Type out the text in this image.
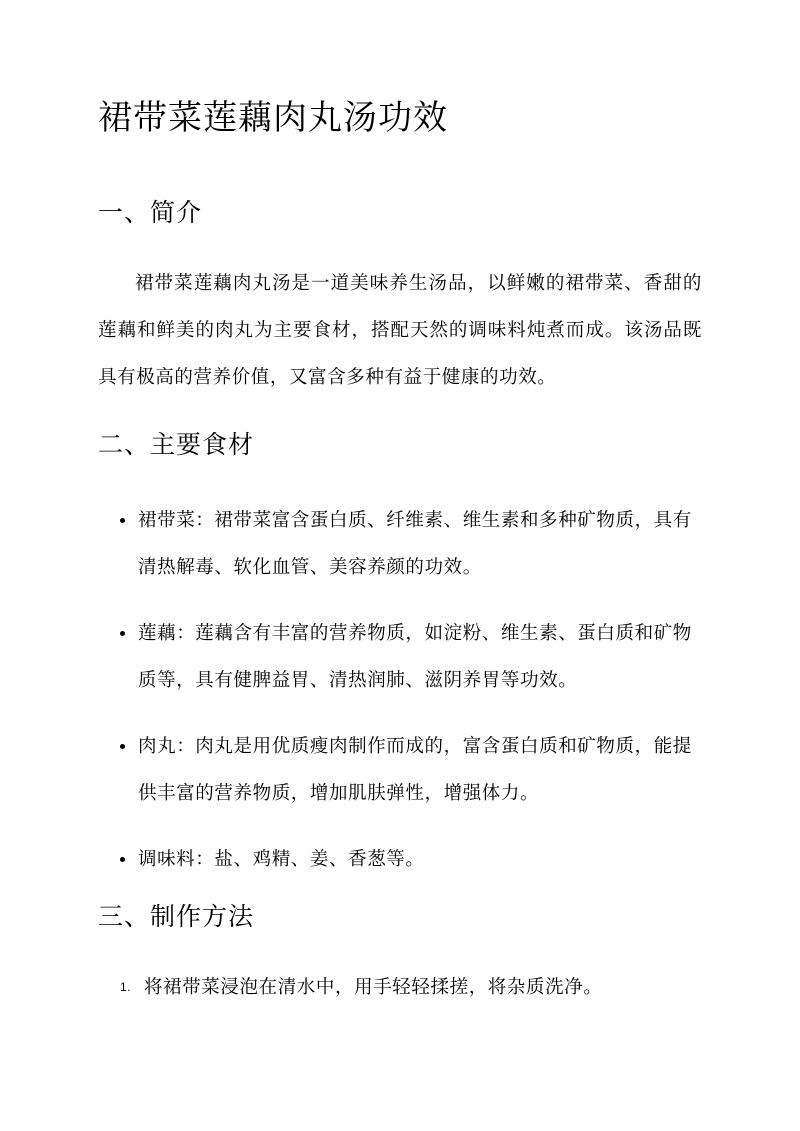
裙带菜莲藕肉丸汤功效
一、简介

裙带菜莲藕肉丸汤是一道美味养生汤品，以鲜嫩的裙带菜、香甜的莲藕和鲜美的肉丸为主要食材，搭配天然的调味料炖煮而成。该汤品既具有极高的营养价值，又富含多种有益于健康的功效。

二、主要食材
裙带菜：裙带菜富含蛋白质、纤维素、维生素和多种矿物质，具有清热解毒、软化血管、美容养颜的功效。
莲藕：莲藕含有丰富的营养物质，如淀粉、维生素、蛋白质和矿物质等，具有健脾益胃、清热润肺、滋阴养胃等功效。
肉丸：肉丸是用优质瘦肉制作而成的，富含蛋白质和矿物质，能提供丰富的营养物质，增加肌肤弹性，增强体力。
调味料：盐、鸡精、姜、香葱等。
三、制作方法
1. 将裙带菜浸泡在清水中，用手轻轻揉搓，将杂质洗净。
